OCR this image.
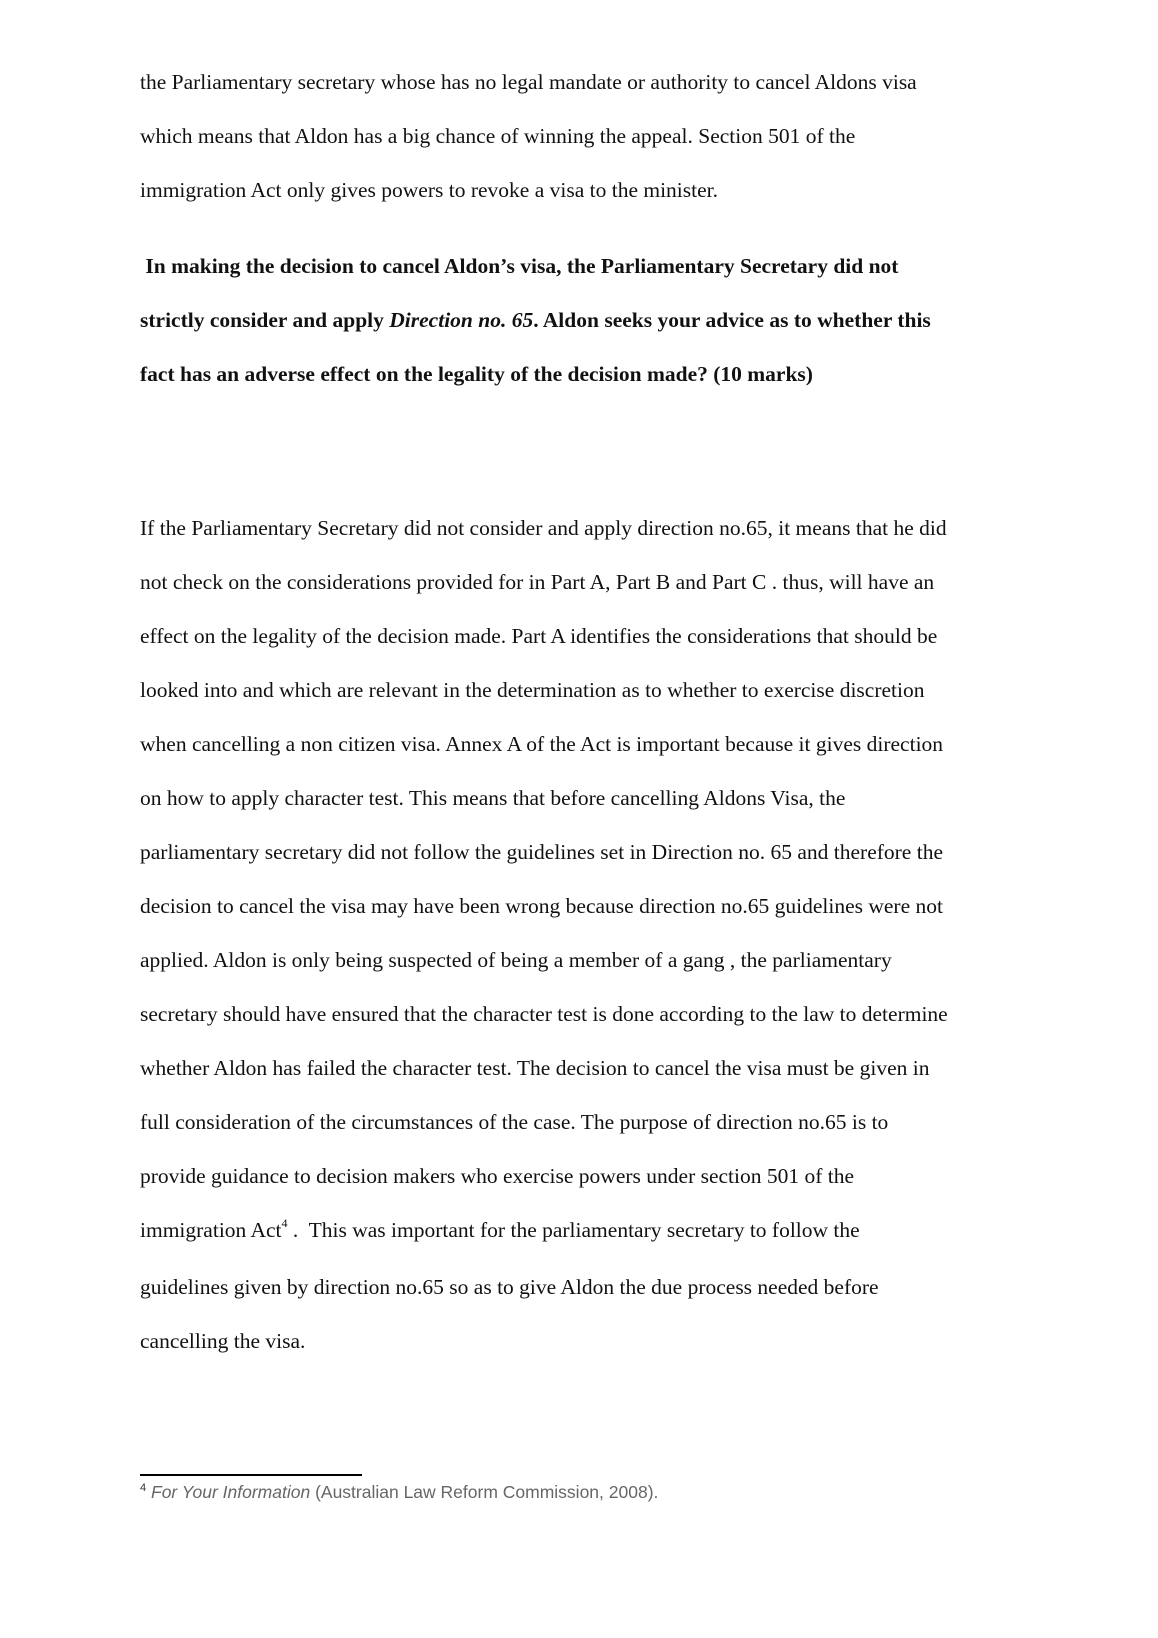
the Parliamentary secretary whose has no legal mandate or authority to cancel Aldons visa
which means that Aldon has a big chance of winning the appeal. Section 501 of the
immigration Act only gives powers to revoke a visa to the minister.

In making the decision to cancel Aldon’s visa, the Parliamentary Secretary did not
strictly consider and apply Direction no. 65. Aldon seeks your advice as to whether this
fact has an adverse effect on the legality of the decision made? (10 marks)

If the Parliamentary Secretary did not consider and apply direction no.65, it means that he did
not check on the considerations provided for in Part A, Part B and Part C . thus, will have an
effect on the legality of the decision made. Part A identifies the considerations that should be
looked into and which are relevant in the determination as to whether to exercise discretion
when cancelling a non citizen visa. Annex A of the Act is important because it gives direction
on how to apply character test. This means that before cancelling Aldons Visa, the
parliamentary secretary did not follow the guidelines set in Direction no. 65 and therefore the
decision to cancel the visa may have been wrong because direction no.65 guidelines were not
applied. Aldon is only being suspected of being a member of a gang , the parliamentary
secretary should have ensured that the character test is done according to the law to determine
whether Aldon has failed the character test. The decision to cancel the visa must be given in
full consideration of the circumstances of the case. The purpose of direction no.65 is to
provide guidance to decision makers who exercise powers under section 501 of the
immigration Act$^4$ .  This was important for the parliamentary secretary to follow the
guidelines given by direction no.65 so as to give Aldon the due process needed before
cancelling the visa.

$^4$ For Your Information (Australian Law Reform Commission, 2008).
